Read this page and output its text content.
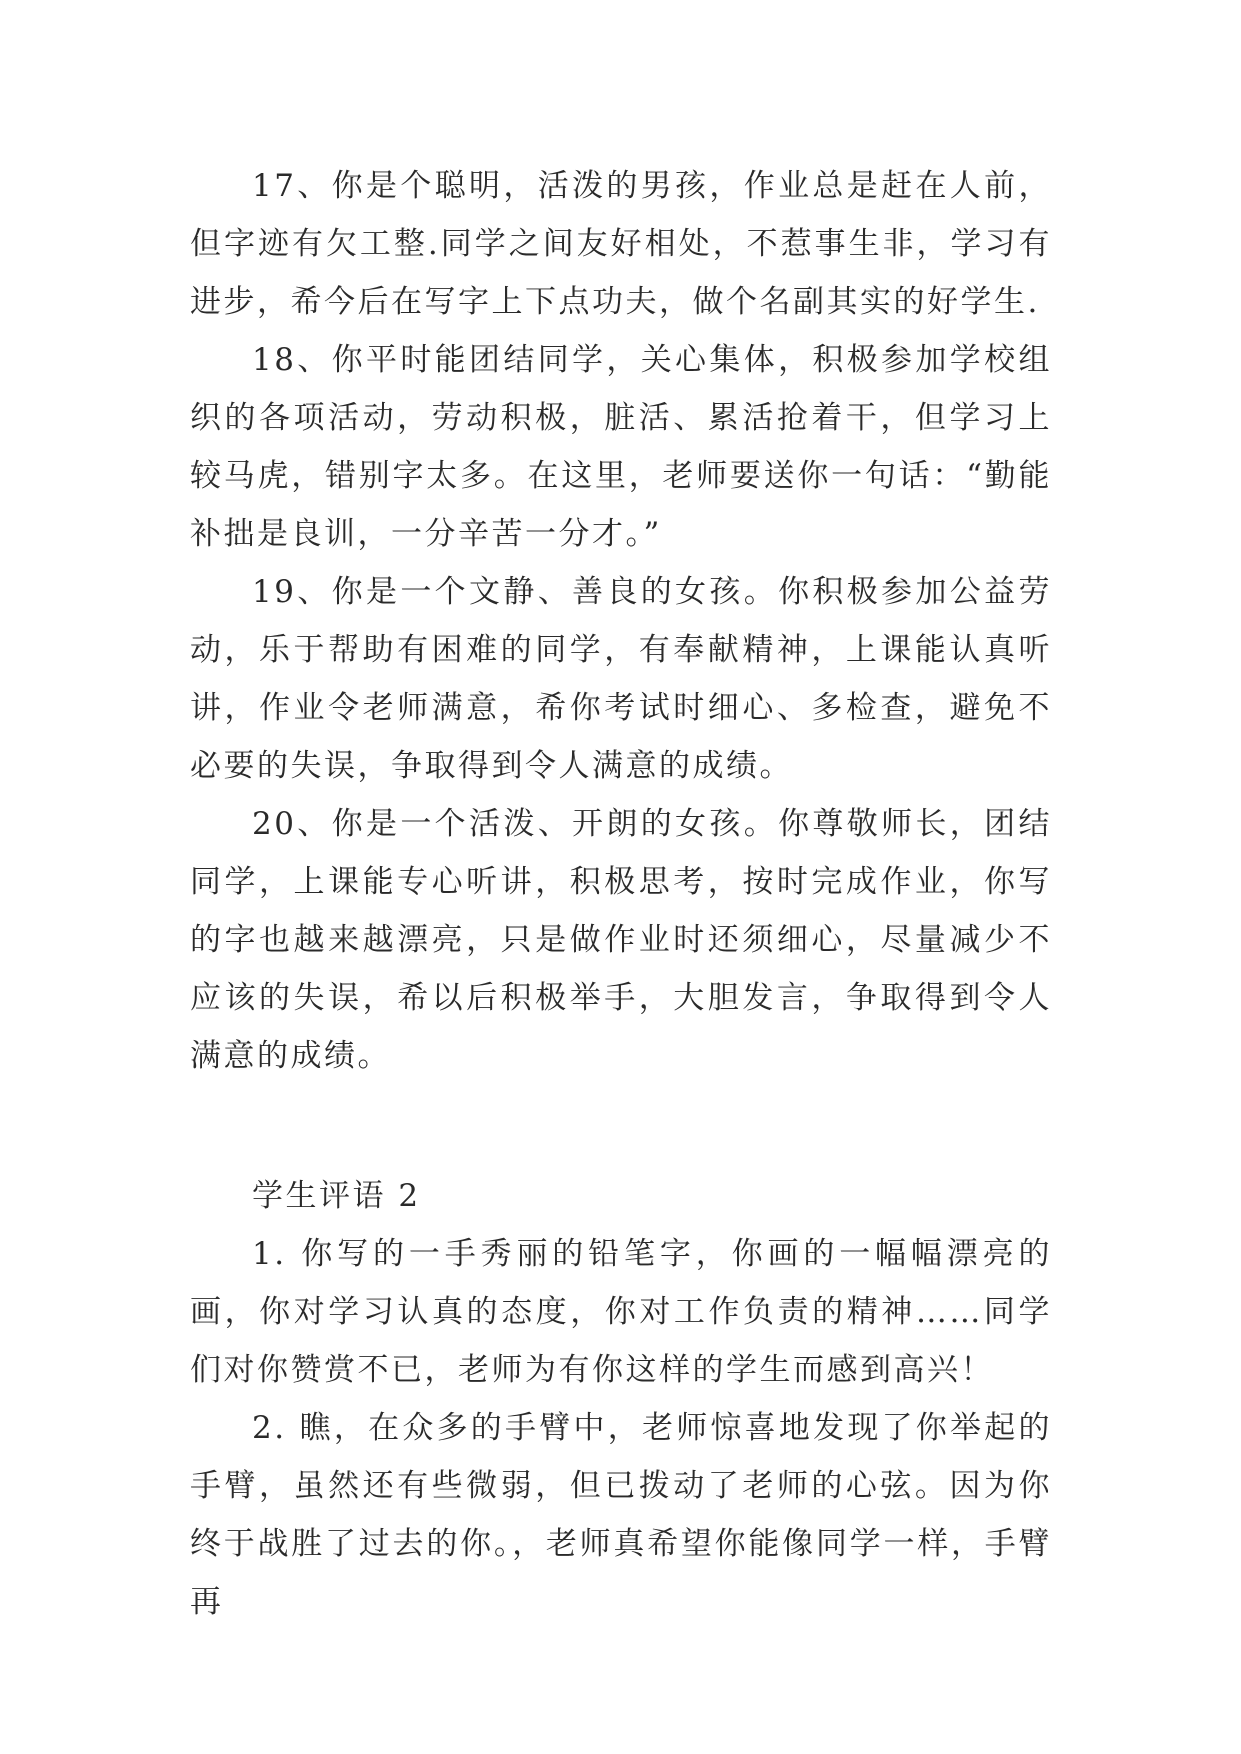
17、你是个聪明，活泼的男孩，作业总是赶在人前，但字迹有欠工整.同学之间友好相处，不惹事生非，学习有进步，希今后在写字上下点功夫，做个名副其实的好学生.

18、你平时能团结同学，关心集体，积极参加学校组织的各项活动，劳动积极，脏活、累活抢着干，但学习上较马虎，错别字太多。在这里，老师要送你一句话：“勤能补拙是良训，一分辛苦一分才。”

19、你是一个文静、善良的女孩。你积极参加公益劳动，乐于帮助有困难的同学，有奉献精神，上课能认真听讲，作业令老师满意，希你考试时细心、多检查，避免不必要的失误，争取得到令人满意的成绩。

20、你是一个活泼、开朗的女孩。你尊敬师长，团结同学，上课能专心听讲，积极思考，按时完成作业，你写的字也越来越漂亮，只是做作业时还须细心，尽量减少不应该的失误，希以后积极举手，大胆发言，争取得到令人满意的成绩。

学生评语 2

1. 你写的一手秀丽的铅笔字，你画的一幅幅漂亮的画，你对学习认真的态度，你对工作负责的精神……同学们对你赞赏不已，老师为有你这样的学生而感到高兴！

2. 瞧，在众多的手臂中，老师惊喜地发现了你举起的手臂，虽然还有些微弱，但已拨动了老师的心弦。因为你终于战胜了过去的你。，老师真希望你能像同学一样，手臂再
